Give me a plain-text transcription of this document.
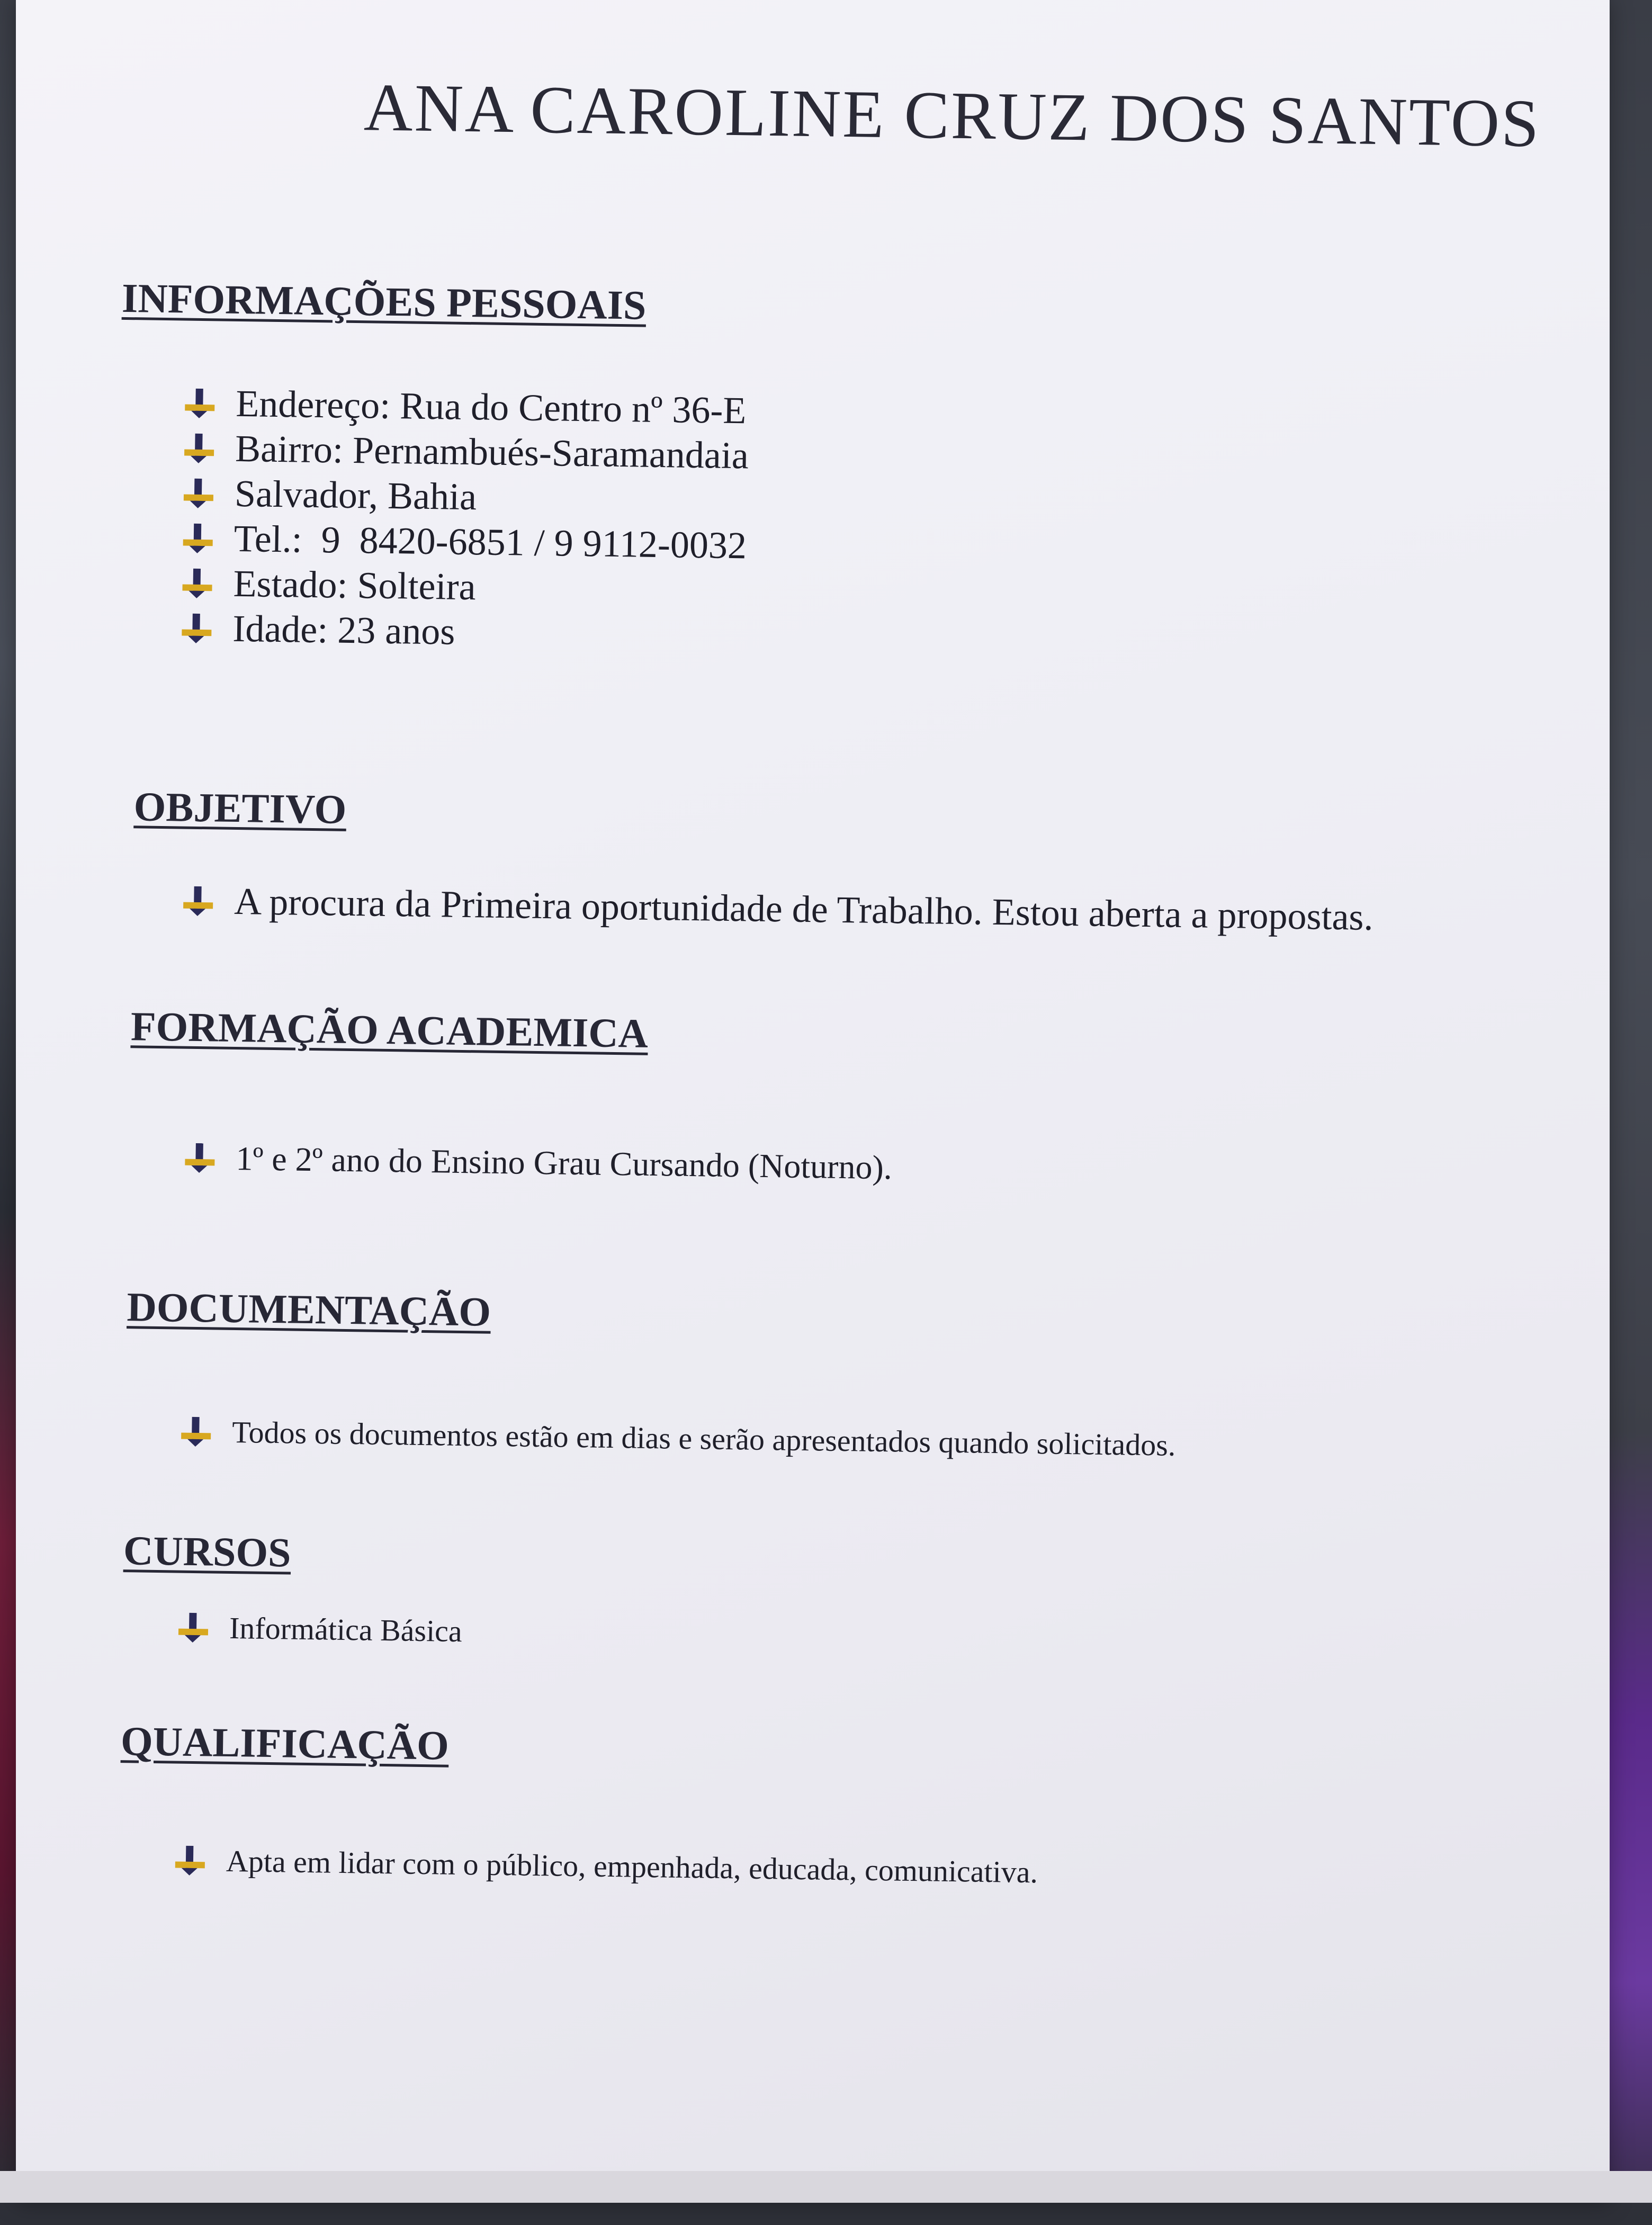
ANA CAROLINE CRUZ DOS SANTOS
INFORMAÇÕES PESSOAIS
Endereço: Rua do Centro nº 36-E
Bairro: Pernambués-Saramandaia
Salvador, Bahia
Tel.:  9  8420-6851 / 9 9112-0032
Estado: Solteira
Idade: 23 anos
OBJETIVO
A procura da Primeira oportunidade de Trabalho. Estou aberta a propostas.
FORMAÇÃO ACADEMICA
1º e 2º ano do Ensino Grau Cursando (Noturno).
DOCUMENTAÇÃO
Todos os documentos estão em dias e serão apresentados quando solicitados.
CURSOS
Informática Básica
QUALIFICAÇÃO
Apta em lidar com o público, empenhada, educada, comunicativa.
